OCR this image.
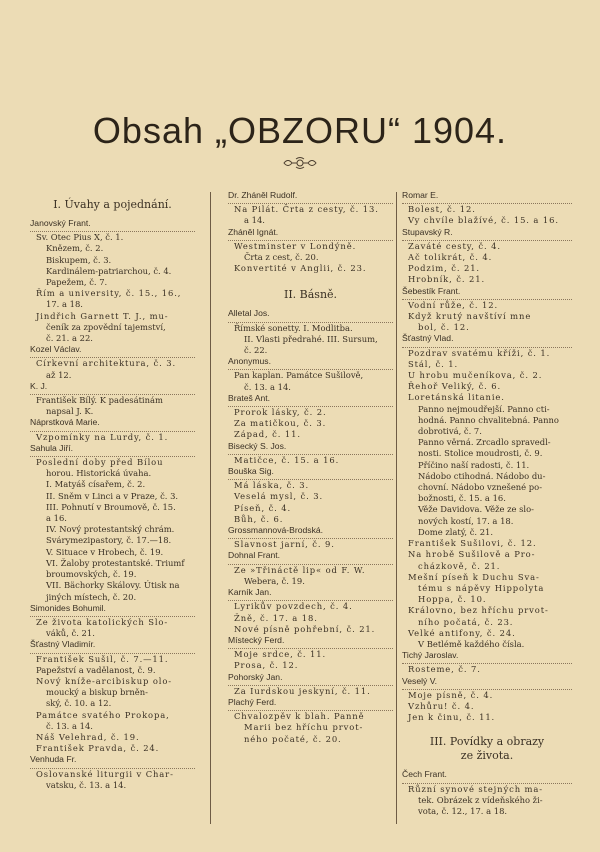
Obsah „OBZORU“ 1904.
I. Úvahy a pojednání.
Janovský Frant.
Sv. Otec Pius X, č. 1.
Knězem, č. 2.
Biskupem, č. 3.
Kardinálem-patriarchou, č. 4.
Papežem, č. 7.
Řím a university, č. 15., 16.,
17. a 18.
Jindřich Garnett T. J., mu-
čeník za zpovědní tajemství,
č. 21. a 22.
Kozel Václav.
Církevní architektura, č. 3.
až 12.
K. J.
František Bílý. K padesátinám
napsal J. K.
Náprstková Marie.
Vzpomínky na Lurdy, č. 1.
Sahula Jiří.
Poslední doby před Bílou
horou. Historická úvaha.
I. Matyáš císařem, č. 2.
II. Sněm v Linci a v Praze, č. 3.
III. Pohnutí v Broumově, č. 15.
a 16.
IV. Nový protestantský chrám.
Svárymezipastory, č. 17.—18.
V. Situace v Hrobech, č. 19.
VI. Žaloby protestantské. Triumf
broumovských, č. 19.
VII. Bächorky Skálovy. Útisk na
jiných místech, č. 20.
Simonides Bohumil.
Ze života katolických Slo-
váků, č. 21.
Šťastný Vladimír.
František Sušil, č. 7.—11.
Papežství a vadělanost, č. 9.
Nový kníže-arcibiskup olo-
moucký a biskup brněn-
ský, č. 10. a 12.
Památce svatého Prokopa,
č. 13. a 14.
Náš Velehrad, č. 19.
František Pravda, č. 24.
Venhuda Fr.
Oslovanské liturgii v Char-
vatsku, č. 13. a 14.
Dr. Zháněl Rudolf.
Na Pilát. Črta z cesty, č. 13.
a 14.
Zháněl Ignát.
Westminster v Londýně.
Črta z cest, č. 20.
Konvertité v Anglii, č. 23.
II. Básně.
Alletal Jos.
Římské sonetty. I. Modlitba.
II. Vlasti předrahé. III. Sursum,
č. 22.
Anonymus.
Pan kaplan. Památce Sušilově,
č. 13. a 14.
Brateš Ant.
Prorok lásky, č. 2.
Za matičkou, č. 3.
Západ, č. 11.
Bisecký S. Jos.
Matičce, č. 15. a 16.
Bouška Sig.
Má láska, č. 3.
Veselá mysl, č. 3.
Píseň, č. 4.
Bůh, č. 6.
Grossmannová-Brodská.
Slavnost jarní, č. 9.
Dohnal Frant.
Ze »Třináctě lip« od F. W.
Webera, č. 19.
Karník Jan.
Lyrikův povzdech, č. 4.
Žně, č. 17. a 18.
Nové písně pohřební, č. 21.
Místecký Ferd.
Moje srdce, č. 11.
Prosa, č. 12.
Pohorský Jan.
Za Iurdskou jeskyní, č. 11.
Plachý Ferd.
Chvalozpěv k blah. Panně
Marii bez hříchu prvot-
ného počaté, č. 20.
Romar E.
Bolest, č. 12.
Vy chvíle blažívé, č. 15. a 16.
Stupavský R.
Zaváté cesty, č. 4.
Ač tolikrát, č. 4.
Podzim, č. 21.
Hrobník, č. 21.
Šebestík Frant.
Vodní růže, č. 12.
Když krutý navštíví mne
bol, č. 12.
Šťastný Vlad.
Pozdrav svatému kříži, č. 1.
Stál, č. 1.
U hrobu mučeníkova, č. 2.
Řehoř Veliký, č. 6.
Loretánská litanie.
Panno nejmoudřejší. Panno cti-
hodná. Panno chvalitebná. Panno
dobrotivá, č. 7.
Panno věrná. Zrcadlo spravedl-
nosti. Stolice moudrosti, č. 9.
Příčino naší radosti, č. 11.
Nádobo ctihodná. Nádobo du-
chovní. Nádobo vznešené po-
božnosti, č. 15. a 16.
Věže Davidova. Věže ze slo-
nových kostí, 17. a 18.
Dome zlatý, č. 21.
František Sušilovi, č. 12.
Na hrobě Sušilově a Pro-
cházkově, č. 21.
Mešní píseň k Duchu Sva-
tému s nápěvy Hippolyta
Hoppa, č. 10.
Královno, bez hříchu prvot-
ního počatá, č. 23.
Velké antifony, č. 24.
V Betlémě každého čísla.
Tichý Jaroslav.
Rosteme, č. 7.
Veselý V.
Moje písně, č. 4.
Vzhůru! č. 4.
Jen k činu, č. 11.
III. Povídky a obrazy
ze života.
Čech Frant.
Různí synové stejných ma-
tek. Obrázek z vídeňského ži-
vota, č. 12., 17. a 18.
